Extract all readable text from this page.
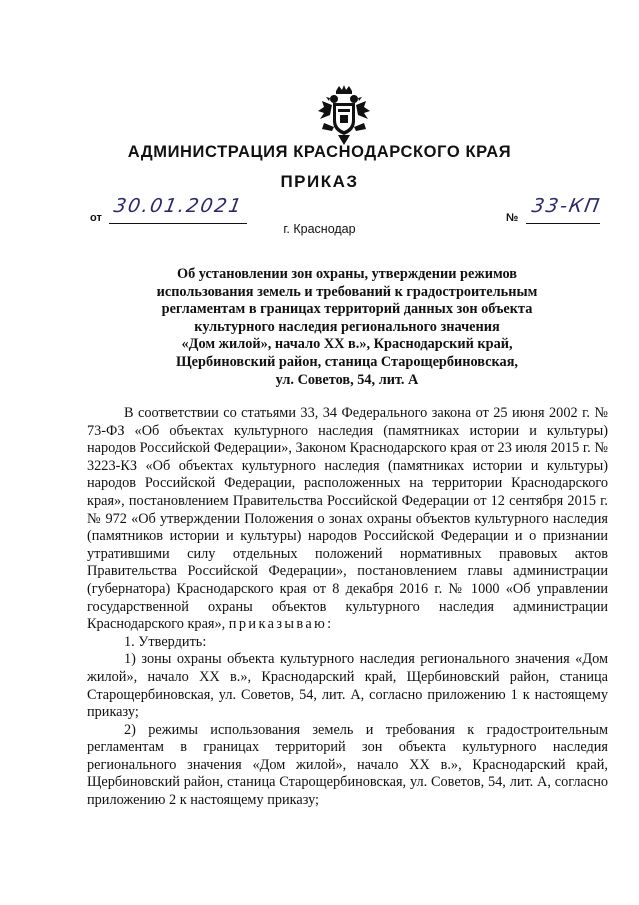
АДМИНИСТРАЦИЯ КРАСНОДАРСКОГО КРАЯ
ПРИКАЗ
от
30.01.2021
№
33-КП
г. Краснодар
Об установлении зон охраны, утверждении режимов
использования земель и требований к градостроительным
регламентам в границах территорий данных зон объекта
культурного наследия регионального значения
«Дом жилой», начало XX в.», Краснодарский край,
Щербиновский район, станица Старощербиновская,
ул. Советов, 54, лит. А

В соответствии со статьями 33, 34 Федерального закона от 25 июня 2002 г. № 73-ФЗ «Об объектах культурного наследия (памятниках истории и культуры) народов Российской Федерации», Законом Краснодарского края от 23 июля 2015 г. № 3223-КЗ «Об объектах культурного наследия (памятниках истории и культуры) народов Российской Федерации, расположенных на территории Краснодарского края», постановлением Правительства Российской Федерации от 12 сентября 2015 г. № 972 «Об утверждении Положения о зонах охраны объектов культурного наследия (памятников истории и культуры) народов Российской Федерации и о признании утратившими силу отдельных положений нормативных правовых актов Правительства Российской Федерации», постановлением главы администрации (губернатора) Краснодарского края от 8 декабря 2016 г. № 1000 «Об управлении государственной охраны объектов культурного наследия администрации Краснодарского края», приказываю:

1. Утвердить:

1) зоны охраны объекта культурного наследия регионального значения «Дом жилой», начало XX в.», Краснодарский край, Щербиновский район, станица Старощербиновская, ул. Советов, 54, лит. А, согласно приложению 1 к настоящему приказу;

2) режимы использования земель и требования к градостроительным регламентам в границах территорий зон объекта культурного наследия регионального значения «Дом жилой», начало XX в.», Краснодарский край, Щербиновский район, станица Старощербиновская, ул. Советов, 54, лит. А, согласно приложению 2 к настоящему приказу;
